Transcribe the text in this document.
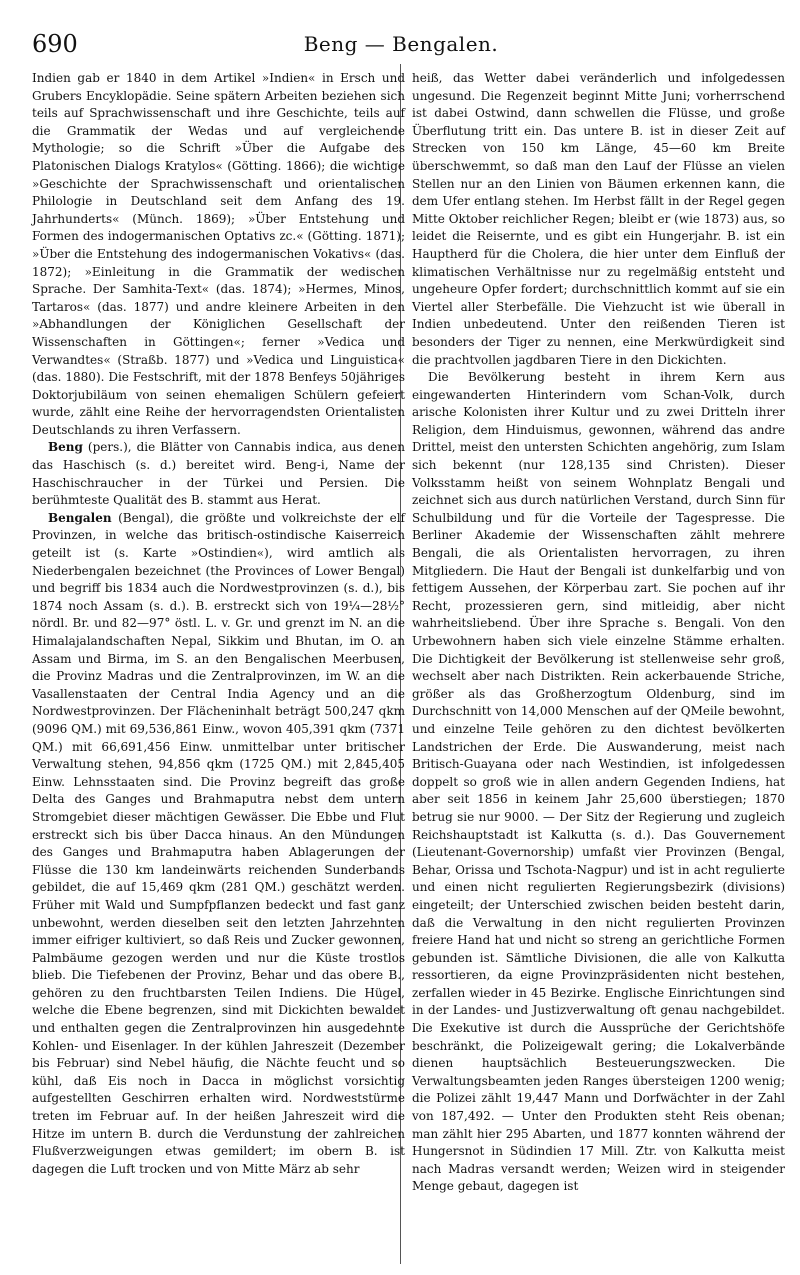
690	Beng — Bengalen.

Indien gab er 1840 in dem Artikel »Indien« in Ersch und Grubers Encyklopädie. Seine spätern Arbeiten beziehen sich teils auf Sprachwissenschaft und ihre Geschichte, teils auf die Grammatik der Wedas und auf vergleichende Mythologie; so die Schrift »Über die Aufgabe des Platonischen Dialogs Kratylos« (Götting. 1866); die wichtige »Geschichte der Sprachwissenschaft und orientalischen Philologie in Deutschland seit dem Anfang des 19. Jahrhunderts« (Münch. 1869); »Über Entstehung und Formen des indogermanischen Optativs zc.« (Götting. 1871); »Über die Entstehung des indogermanischen Vokativs« (das. 1872); »Einleitung in die Grammatik der wedischen Sprache. Der Samhita-Text« (das. 1874); »Hermes, Minos, Tartaros« (das. 1877) und andre kleinere Arbeiten in den »Abhandlungen der Königlichen Gesellschaft der Wissenschaften in Göttingen«; ferner »Vedica und Verwandtes« (Straßb. 1877) und »Vedica und Linguistica« (das. 1880). Die Festschrift, mit der 1878 Benfeys 50jähriges Doktorjubiläum von seinen ehemaligen Schülern gefeiert wurde, zählt eine Reihe der hervorragendsten Orientalisten Deutschlands zu ihren Verfassern.

Beng (pers.), die Blätter von Cannabis indica, aus denen das Haschisch (s. d.) bereitet wird. Beng-i, Name der Haschischraucher in der Türkei und Persien. Die berühmteste Qualität des B. stammt aus Herat.

Bengalen (Bengal), die größte und volkreichste der elf Provinzen, in welche das britisch-ostindische Kaiserreich geteilt ist (s. Karte »Ostindien«), wird amtlich als Niederbengalen bezeichnet (the Provinces of Lower Bengal) und begriff bis 1834 auch die Nordwestprovinzen (s. d.), bis 1874 noch Assam (s. d.). B. erstreckt sich von 19¼—28½° nördl. Br. und 82—97° östl. L. v. Gr. und grenzt im N. an die Himalajalandschaften Nepal, Sikkim und Bhutan, im O. an Assam und Birma, im S. an den Bengalischen Meerbusen, die Provinz Madras und die Zentralprovinzen, im W. an die Vasallenstaaten der Central India Agency und an die Nordwestprovinzen. Der Flächeninhalt beträgt 500,247 qkm (9096 QM.) mit 69,536,861 Einw., wovon 405,391 qkm (7371 QM.) mit 66,691,456 Einw. unmittelbar unter britischer Verwaltung stehen, 94,856 qkm (1725 QM.) mit 2,845,405 Einw. Lehnsstaaten sind. Die Provinz begreift das große Delta des Ganges und Brahmaputra nebst dem untern Stromgebiet dieser mächtigen Gewässer. Die Ebbe und Flut erstreckt sich bis über Dacca hinaus. An den Mündungen des Ganges und Brahmaputra haben Ablagerungen der Flüsse die 130 km landeinwärts reichenden Sunderbands gebildet, die auf 15,469 qkm (281 QM.) geschätzt werden. Früher mit Wald und Sumpfpflanzen bedeckt und fast ganz unbewohnt, werden dieselben seit den letzten Jahrzehnten immer eifriger kultiviert, so daß Reis und Zucker gewonnen, Palmbäume gezogen werden und nur die Küste trostlos blieb. Die Tiefebenen der Provinz, Behar und das obere B., gehören zu den fruchtbarsten Teilen Indiens. Die Hügel, welche die Ebene begrenzen, sind mit Dickichten bewaldet und enthalten gegen die Zentralprovinzen hin ausgedehnte Kohlen- und Eisenlager. In der kühlen Jahreszeit (Dezember bis Februar) sind Nebel häufig, die Nächte feucht und so kühl, daß Eis noch in Dacca in möglichst vorsichtig aufgestellten Geschirren erhalten wird. Nordweststürme treten im Februar auf. In der heißen Jahreszeit wird die Hitze im untern B. durch die Verdunstung der zahlreichen Flußverzweigungen etwas gemildert; im obern B. ist dagegen die Luft trocken und von Mitte März ab sehr

heiß, das Wetter dabei veränderlich und infolgedessen ungesund. Die Regenzeit beginnt Mitte Juni; vorherrschend ist dabei Ostwind, dann schwellen die Flüsse, und große Überflutung tritt ein. Das untere B. ist in dieser Zeit auf Strecken von 150 km Länge, 45—60 km Breite überschwemmt, so daß man den Lauf der Flüsse an vielen Stellen nur an den Linien von Bäumen erkennen kann, die dem Ufer entlang stehen. Im Herbst fällt in der Regel gegen Mitte Oktober reichlicher Regen; bleibt er (wie 1873) aus, so leidet die Reisernte, und es gibt ein Hungerjahr. B. ist ein Hauptherd für die Cholera, die hier unter dem Einfluß der klimatischen Verhältnisse nur zu regelmäßig entsteht und ungeheure Opfer fordert; durchschnittlich kommt auf sie ein Viertel aller Sterbefälle. Die Viehzucht ist wie überall in Indien unbedeutend. Unter den reißenden Tieren ist besonders der Tiger zu nennen, eine Merkwürdigkeit sind die prachtvollen jagdbaren Tiere in den Dickichten.

Die Bevölkerung besteht in ihrem Kern aus eingewanderten Hinterindern vom Schan-Volk, durch arische Kolonisten ihrer Kultur und zu zwei Dritteln ihrer Religion, dem Hinduismus, gewonnen, während das andre Drittel, meist den untersten Schichten angehörig, zum Islam sich bekennt (nur 128,135 sind Christen). Dieser Volksstamm heißt von seinem Wohnplatz Bengali und zeichnet sich aus durch natürlichen Verstand, durch Sinn für Schulbildung und für die Vorteile der Tagespresse. Die Berliner Akademie der Wissenschaften zählt mehrere Bengali, die als Orientalisten hervorragen, zu ihren Mitgliedern. Die Haut der Bengali ist dunkelfarbig und von fettigem Aussehen, der Körperbau zart. Sie pochen auf ihr Recht, prozessieren gern, sind mitleidig, aber nicht wahrheitsliebend. Über ihre Sprache s. Bengali. Von den Urbewohnern haben sich viele einzelne Stämme erhalten. Die Dichtigkeit der Bevölkerung ist stellenweise sehr groß, wechselt aber nach Distrikten. Rein ackerbauende Striche, größer als das Großherzogtum Oldenburg, sind im Durchschnitt von 14,000 Menschen auf der QMeile bewohnt, und einzelne Teile gehören zu den dichtest bevölkerten Landstrichen der Erde. Die Auswanderung, meist nach Britisch-Guayana oder nach Westindien, ist infolgedessen doppelt so groß wie in allen andern Gegenden Indiens, hat aber seit 1856 in keinem Jahr 25,600 überstiegen; 1870 betrug sie nur 9000. — Der Sitz der Regierung und zugleich Reichshauptstadt ist Kalkutta (s. d.). Das Gouvernement (Lieutenant-Governorship) umfaßt vier Provinzen (Bengal, Behar, Orissa und Tschota-Nagpur) und ist in acht regulierte und einen nicht regulierten Regierungsbezirk (divisions) eingeteilt; der Unterschied zwischen beiden besteht darin, daß die Verwaltung in den nicht regulierten Provinzen freiere Hand hat und nicht so streng an gerichtliche Formen gebunden ist. Sämtliche Divisionen, die alle von Kalkutta ressortieren, da eigne Provinzpräsidenten nicht bestehen, zerfallen wieder in 45 Bezirke. Englische Einrichtungen sind in der Landes- und Justizverwaltung oft genau nachgebildet. Die Exekutive ist durch die Aussprüche der Gerichtshöfe beschränkt, die Polizeigewalt gering; die Lokalverbände dienen hauptsächlich Besteuerungszwecken. Die Verwaltungsbeamten jeden Ranges übersteigen 1200 wenig; die Polizei zählt 19,447 Mann und Dorfwächter in der Zahl von 187,492. — Unter den Produkten steht Reis obenan; man zählt hier 295 Abarten, und 1877 konnten während der Hungersnot in Südindien 17 Mill. Ztr. von Kalkutta meist nach Madras versandt werden; Weizen wird in steigender Menge gebaut, dagegen ist
